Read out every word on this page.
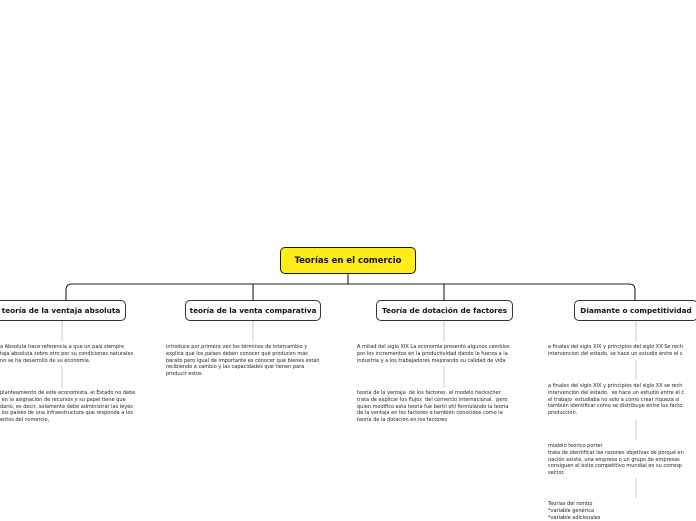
Teorías en el comercio
teoría de la ventaja absoluta	teoría de la venta comparativa	Teoría de dotación de factores	Diamante o competitividad
a Absoluta hace referencia a que un país siempre
taja absoluta sobre otro por su condiciones naturales
no se ha desarrollo de su economía.
planteamiento de este economista, el Estado no debe
en la asignación de recursos y su papel tiene que
dario, es decir, solamente debe administrar las leyes
los países de una infraestructura que responda a los
entos del comercio,
introduce por primera vez los términos de intercambio y
explica que los países deben conocer qué producen más
barato pero igual de importante es conocer qué bienes están
recibiendo a cambio y las capacidades que tienen para
producir estos.
A mitad del siglo XIX La economía presentó algunos cambios
por los incrementos en la productividad dando le fuerza a la
industria y a los trabajadores mejorando su calidad de vida
teoría de la ventaja  de los factores  el modelo heckscher
trata de explicar los flujos  del comercio internacional.  pero
quien modifico esta teoría fue bertil ohl formulando la teoría
de la ventaja en los factores o también conocidos como la
teoría de la dotación en los factores
a finales del siglo XIX y principios del siglo XX Se rech
intervencion del estado, se hace un estudio entre el c
a finales del siglo XIX y principios del siglo XX se rech
intervención del estado.  se hace un estudio entre el c
el trabajo  estudiaba no solo a como crear riqueza si
también identificar como se distribuye entre los facto
producción.
modelo teórico porter
trata de identificar las razones objetivas de porqué en
nación existe, una empresa o un grupo de empresas
consiguen el éxito competitivo mundial en su corresp
sector.
Teorías del rombo
*variable genérica
*variable adicionales
